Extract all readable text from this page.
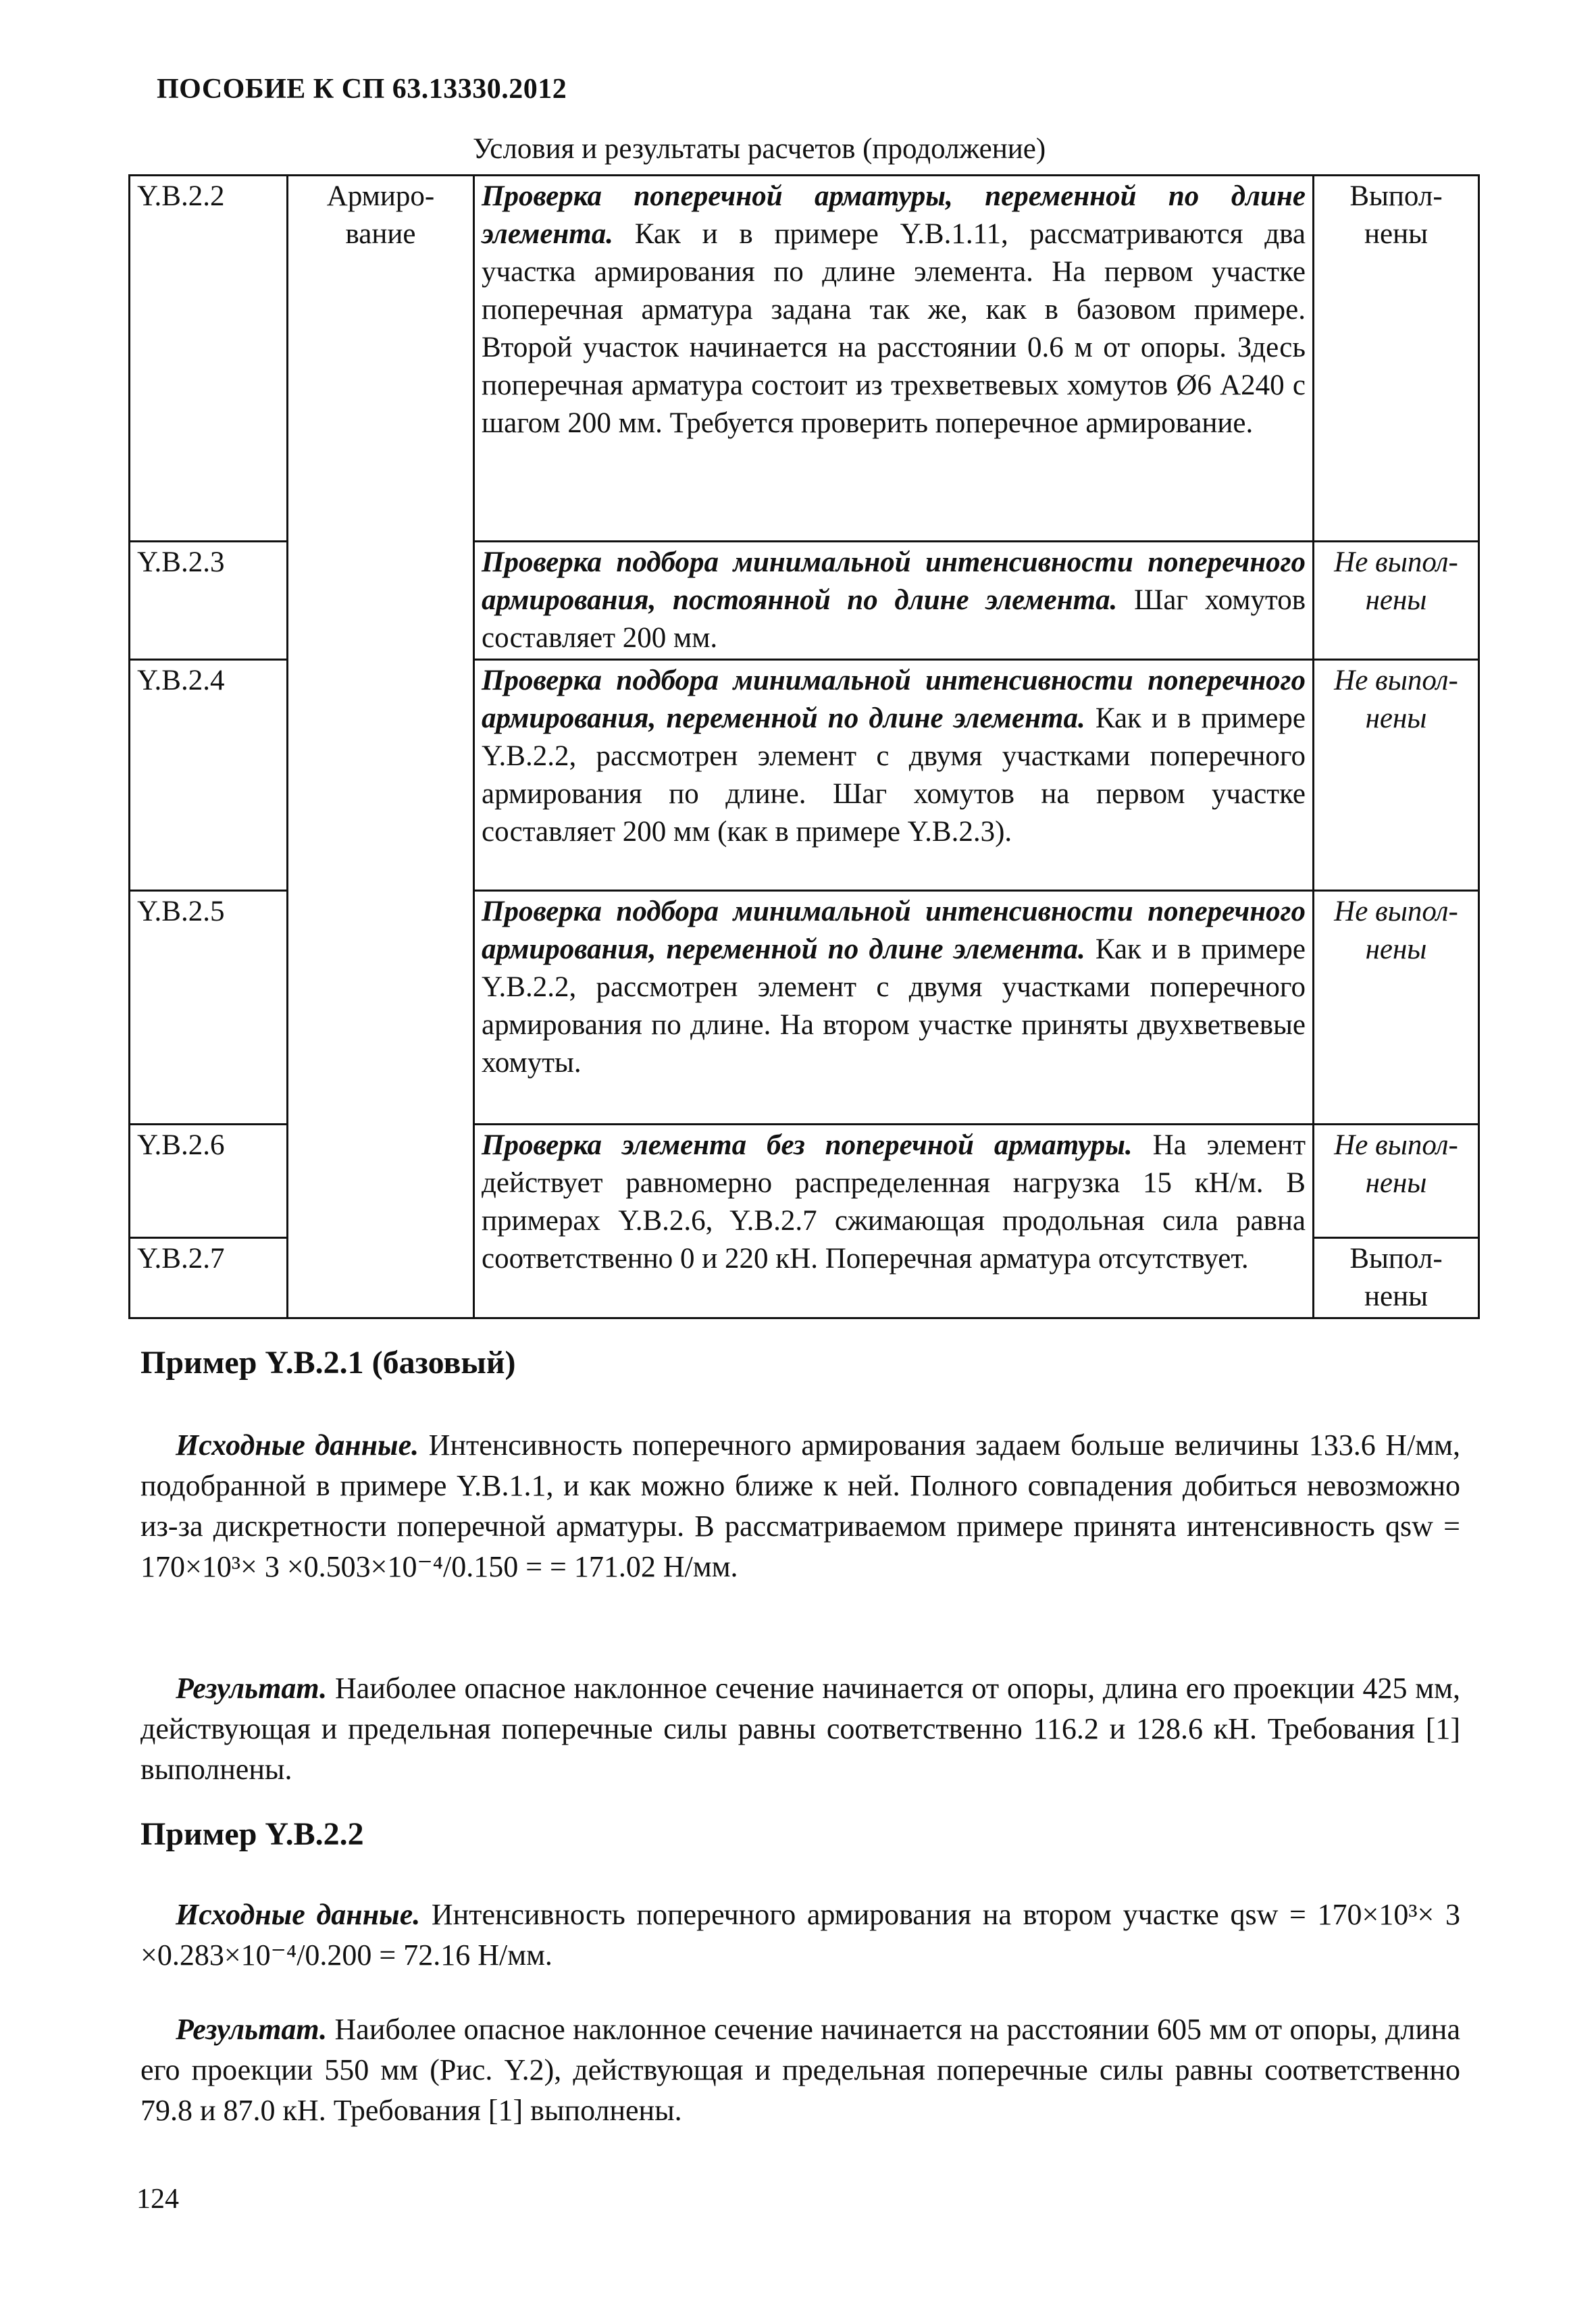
ПОСОБИЕ К СП 63.13330.2012
Условия и результаты расчетов (продолжение)
Y.B.2.2	Армиро-вание	Проверка поперечной арматуры, переменной по длине элемента. Как и в примере Y.B.1.11, рассматриваются два участка армирования по длине элемента. На первом участке поперечная арматура задана так же, как в базовом примере. Второй участок начинается на расстоянии 0.6 м от опоры. Здесь поперечная арматура состоит из трехветвевых хомутов Ø6 А240 с шагом 200 мм. Требуется проверить поперечное армирование.	Выпол-нены
Y.B.2.3		Проверка подбора минимальной интенсивности поперечного армирования, постоянной по длине элемента. Шаг хомутов составляет 200 мм.	Не выпол-нены
Y.B.2.4		Проверка подбора минимальной интенсивности поперечного армирования, переменной по длине элемента. Как и в примере Y.B.2.2, рассмотрен элемент с двумя участками поперечного армирования по длине. Шаг хомутов на первом участке составляет 200 мм (как в примере Y.B.2.3).	Не выпол-нены
Y.B.2.5		Проверка подбора минимальной интенсивности поперечного армирования, переменной по длине элемента. Как и в примере Y.B.2.2, рассмотрен элемент с двумя участками поперечного армирования по длине. На втором участке приняты двухветвевые хомуты.	Не выпол-нены
Y.B.2.6		Проверка элемента без поперечной арматуры. На элемент действует равномерно распределенная нагрузка 15 кН/м. В примерах Y.B.2.6, Y.B.2.7 сжимающая продольная сила равна соответственно 0 и 220 кН. Поперечная арматура отсутствует.	Не выпол-нены
Y.B.2.7			Выпол-нены
Пример Y.B.2.1 (базовый)

Исходные данные. Интенсивность поперечного армирования задаем больше величины 133.6 Н/мм, подобранной в примере Y.B.1.1, и как можно ближе к ней. Полного совпадения добиться невозможно из-за дискретности поперечной арматуры. В рассматриваемом примере принята интенсивность qsw = 170×10³× 3 ×0.503×10⁻⁴/0.150 = = 171.02 Н/мм.

Результат. Наиболее опасное наклонное сечение начинается от опоры, длина его проекции 425 мм, действующая и предельная поперечные силы равны соответственно 116.2 и 128.6 кН. Требования [1] выполнены.

Пример Y.B.2.2

Исходные данные. Интенсивность поперечного армирования на втором участке qsw = 170×10³× 3 ×0.283×10⁻⁴/0.200 = 72.16 Н/мм.

Результат. Наиболее опасное наклонное сечение начинается на расстоянии 605 мм от опоры, длина его проекции 550 мм (Рис. Y.2), действующая и предельная поперечные силы равны соответственно 79.8 и 87.0 кН. Требования [1] выполнены.

124
